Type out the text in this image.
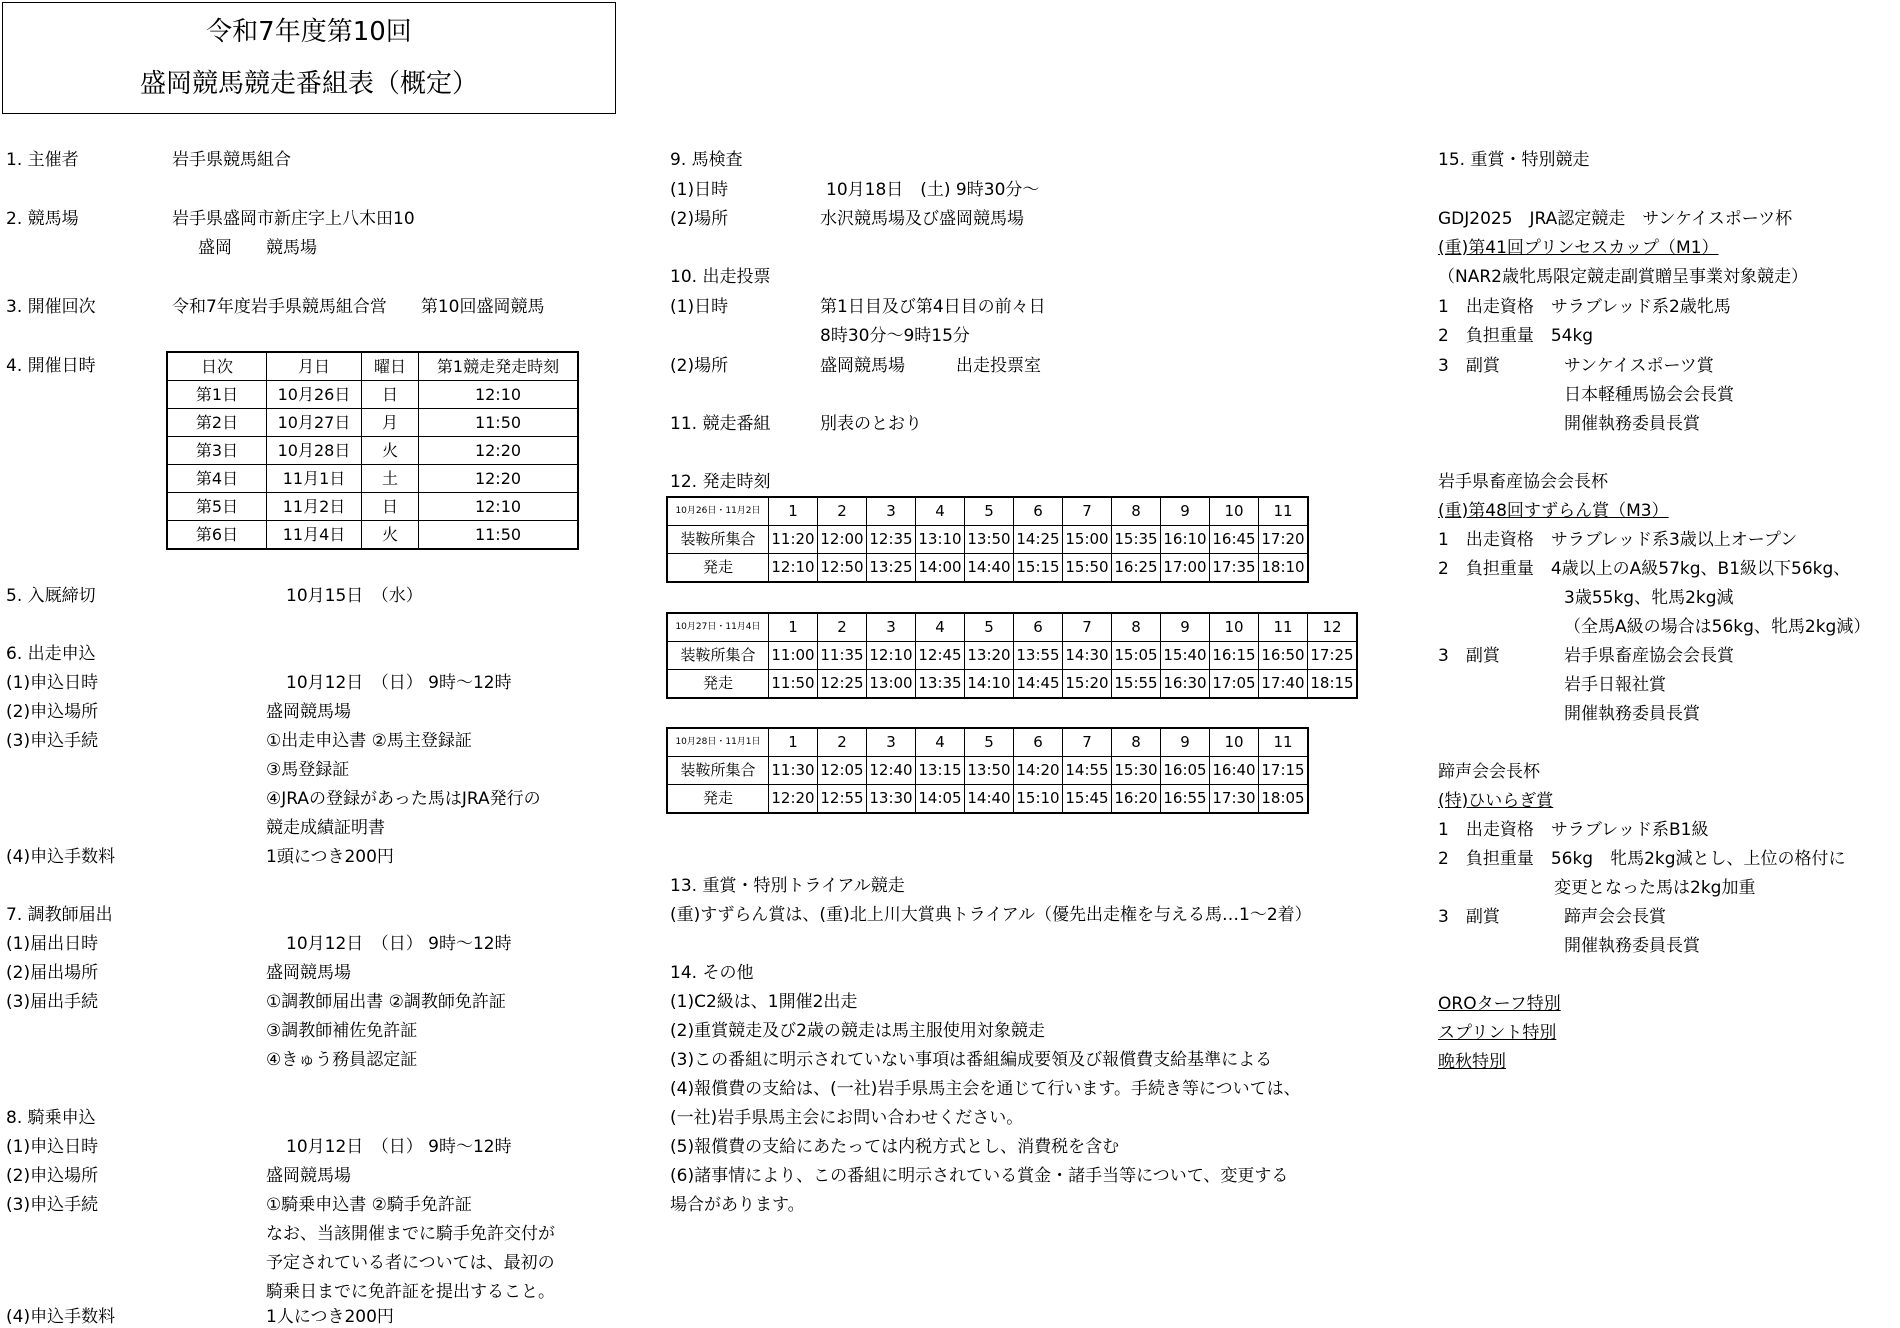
令和7年度第10回
盛岡競馬競走番組表（概定）
1. 主催者	岩手県競馬組合
2. 競馬場	岩手県盛岡市新庄字上八木田10
盛岡　　競馬場
3. 開催回次	令和7年度岩手県競馬組合営　　第10回盛岡競馬
4. 開催日時	日次	月日	曜日	第1競走発走時刻
第1日	10月26日	日	12:10
第2日	10月27日	月	11:50
第3日	10月28日	火	12:20
第4日	11月1日	土	12:20
第5日	11月2日	日	12:10
第6日	11月4日	火	11:50
5. 入厩締切	10月15日　（水）
6. 出走申込
(1)申込日時	10月12日　（日） 9時～12時
(2)申込場所	盛岡競馬場
(3)申込手続	①出走申込書 ②馬主登録証
③馬登録証
④JRAの登録があった馬はJRA発行の
競走成績証明書
(4)申込手数料	1頭につき200円
7. 調教師届出
(1)届出日時	10月12日　（日） 9時～12時
(2)届出場所	盛岡競馬場
(3)届出手続	①調教師届出書 ②調教師免許証
③調教師補佐免許証
④きゅう務員認定証
8. 騎乗申込
(1)申込日時	10月12日　（日） 9時～12時
(2)申込場所	盛岡競馬場
(3)申込手続	①騎乗申込書 ②騎手免許証
なお、当該開催までに騎手免許交付が
予定されている者については、最初の
騎乗日までに免許証を提出すること。
(4)申込手数料	1人につき200円
9. 馬検査
(1)日時	10月18日　(土) 9時30分～
(2)場所	水沢競馬場及び盛岡競馬場
10. 出走投票
(1)日時	第1日目及び第4日目の前々日
8時30分～9時15分
(2)場所	盛岡競馬場　　　出走投票室
11. 競走番組	別表のとおり
12. 発走時刻
10月26日・11月2日	1	2	3	4	5	6	7	8	9	10	11
装鞍所集合	11:20	12:00	12:35	13:10	13:50	14:25	15:00	15:35	16:10	16:45	17:20
発走	12:10	12:50	13:25	14:00	14:40	15:15	15:50	16:25	17:00	17:35	18:10
10月27日・11月4日	1	2	3	4	5	6	7	8	9	10	11	12
装鞍所集合	11:00	11:35	12:10	12:45	13:20	13:55	14:30	15:05	15:40	16:15	16:50	17:25
発走	11:50	12:25	13:00	13:35	14:10	14:45	15:20	15:55	16:30	17:05	17:40	18:15
10月28日・11月1日	1	2	3	4	5	6	7	8	9	10	11
装鞍所集合	11:30	12:05	12:40	13:15	13:50	14:20	14:55	15:30	16:05	16:40	17:15
発走	12:20	12:55	13:30	14:05	14:40	15:10	15:45	16:20	16:55	17:30	18:05
13. 重賞・特別トライアル競走
(重)すずらん賞は、(重)北上川大賞典トライアル（優先出走権を与える馬…1～2着）
14. その他
(1)C2級は、1開催2出走
(2)重賞競走及び2歳の競走は馬主服使用対象競走
(3)この番組に明示されていない事項は番組編成要領及び報償費支給基準による
(4)報償費の支給は、(一社)岩手県馬主会を通じて行います。手続き等については、
(一社)岩手県馬主会にお問い合わせください。
(5)報償費の支給にあたっては内税方式とし、消費税を含む
(6)諸事情により、この番組に明示されている賞金・諸手当等について、変更する
場合があります。
15. 重賞・特別競走
GDJ2025　JRA認定競走　サンケイスポーツ杯
(重)第41回プリンセスカップ（M1）
（NAR2歳牝馬限定競走副賞贈呈事業対象競走）
1　出走資格　サラブレッド系2歳牝馬
2　負担重量　54kg
3　副賞	サンケイスポーツ賞
日本軽種馬協会会長賞
開催執務委員長賞
岩手県畜産協会会長杯
(重)第48回すずらん賞（M3）
1　出走資格　サラブレッド系3歳以上オープン
2　負担重量　4歳以上のA級57kg、B1級以下56kg、
3歳55kg、牝馬2kg減
（全馬A級の場合は56kg、牝馬2kg減）
3　副賞	岩手県畜産協会会長賞
岩手日報社賞
開催執務委員長賞
蹄声会会長杯
(特)ひいらぎ賞
1　出走資格　サラブレッド系B1級
2　負担重量　56kg　牝馬2kg減とし、上位の格付に
変更となった馬は2kg加重
3　副賞	蹄声会会長賞
開催執務委員長賞
OROターフ特別
スプリント特別
晩秋特別
